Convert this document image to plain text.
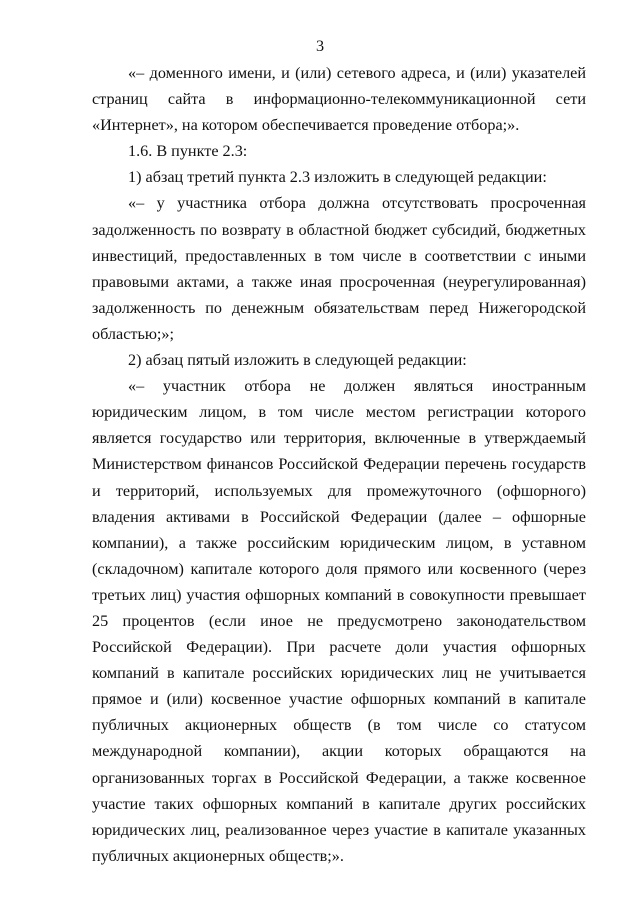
3

«– доменного имени, и (или) сетевого адреса, и (или) указателей страниц сайта в информационно-телекоммуникационной сети «Интернет», на котором обеспечивается проведение отбора;».

1.6. В пункте 2.3:

1) абзац третий пункта 2.3 изложить в следующей редакции:

«– у участника отбора должна отсутствовать просроченная задолженность по возврату в областной бюджет субсидий, бюджетных инвестиций, предоставленных в том числе в соответствии с иными правовыми актами, а также иная просроченная (неурегулированная) задолженность по денежным обязательствам перед Нижегородской областью;»;

2) абзац пятый изложить в следующей редакции:

«– участник отбора не должен являться иностранным юридическим лицом, в том числе местом регистрации которого является государство или территория, включенные в утверждаемый Министерством финансов Российской Федерации перечень государств и территорий, используемых для промежуточного (офшорного) владения активами в Российской Федерации (далее – офшорные компании), а также российским юридическим лицом, в уставном (складочном) капитале которого доля прямого или косвенного (через третьих лиц) участия офшорных компаний в совокупности превышает 25 процентов (если иное не предусмотрено законодательством Российской Федерации). При расчете доли участия офшорных компаний в капитале российских юридических лиц не учитывается прямое и (или) косвенное участие офшорных компаний в капитале публичных акционерных обществ (в том числе со статусом международной компании), акции которых обращаются на организованных торгах в Российской Федерации, а также косвенное участие таких офшорных компаний в капитале других российских юридических лиц, реализованное через участие в капитале указанных публичных акционерных обществ;».
